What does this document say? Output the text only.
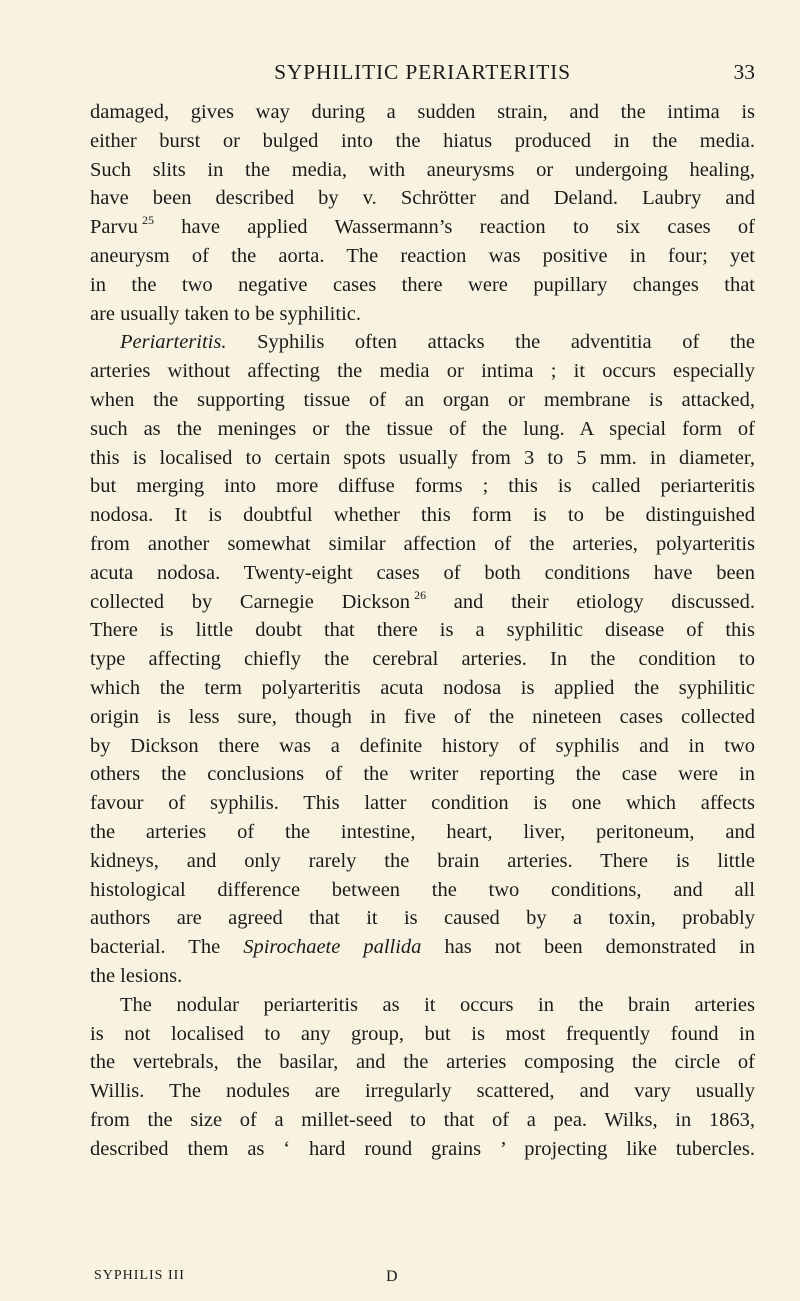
SYPHILITIC PERIARTERITIS	33

damaged, gives way during a sudden strain, and the intima is
either burst or bulged into the hiatus produced in the media.
Such slits in the media, with aneurysms or undergoing healing,
have been described by v. Schrötter and Deland. Laubry and
Parvu  $^{25}$ have applied Wassermann’s reaction to six cases of
aneurysm of the aorta. The reaction was positive in four; yet
in the two negative cases there were pupillary changes that
are usually taken to be syphilitic.

Periarteritis. Syphilis often attacks the adventitia of the
arteries without affecting the media or intima ; it occurs especially
when the supporting tissue of an organ or membrane is attacked,
such as the meninges or the tissue of the lung. A special form of
this is localised to certain spots usually from 3 to 5 mm. in diameter,
but merging into more diffuse forms ; this is called periarteritis
nodosa. It is doubtful whether this form is to be distinguished
from another somewhat similar affection of the arteries, polyarteritis
acuta nodosa. Twenty-eight cases of both conditions have been
collected by Carnegie Dickson  $^{26}$ and their etiology discussed.
There is little doubt that there is a syphilitic disease of this
type affecting chiefly the cerebral arteries. In the condition to
which the term polyarteritis acuta nodosa is applied the syphilitic
origin is less sure, though in five of the nineteen cases collected
by Dickson there was a definite history of syphilis and in two
others the conclusions of the writer reporting the case were in
favour of syphilis. This latter condition is one which affects
the arteries of the intestine, heart, liver, peritoneum, and
kidneys, and only rarely the brain arteries. There is little
histological difference between the two conditions, and all
authors are agreed that it is caused by a toxin, probably
bacterial. The Spirochaete pallida has not been demonstrated in
the lesions.

The nodular periarteritis as it occurs in the brain arteries
is not localised to any group, but is most frequently found in
the vertebrals, the basilar, and the arteries composing the circle of
Willis. The nodules are irregularly scattered, and vary usually
from the size of a millet-seed to that of a pea. Wilks, in 1863,
described them as ‘ hard round grains ’ projecting like tubercles.

SYPHILIS III	D
